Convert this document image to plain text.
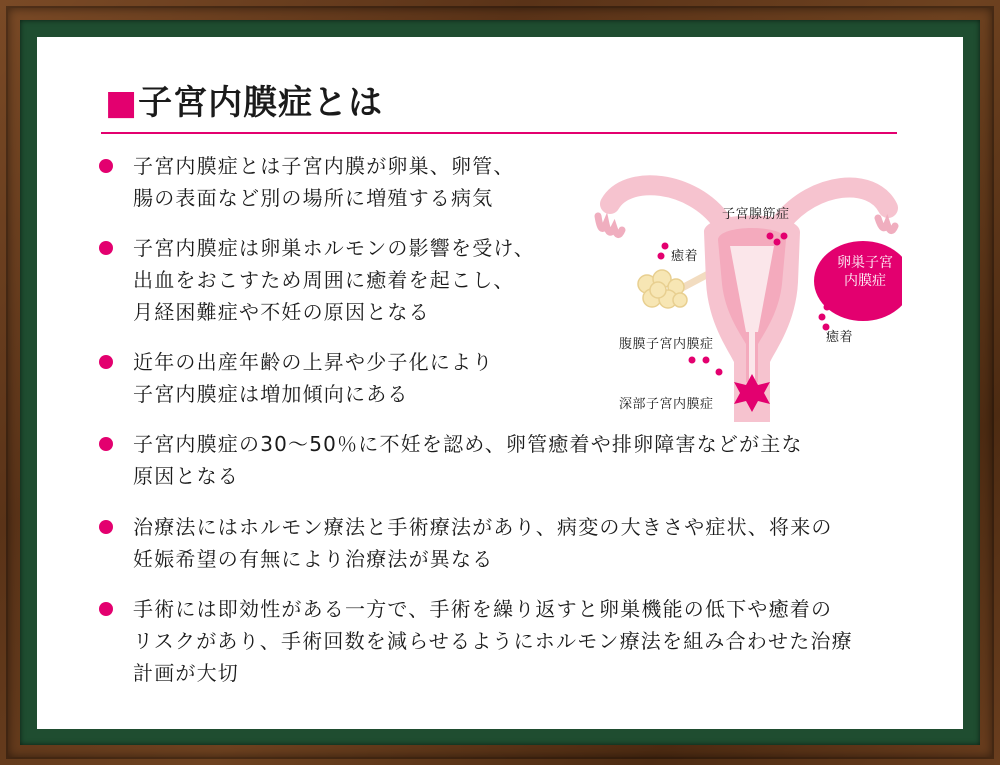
■子宮内膜症とは
子宮内膜症とは子宮内膜が卵巣、卵管、
腸の表面など別の場所に増殖する病気
子宮内膜症は卵巣ホルモンの影響を受け、
出血をおこすため周囲に癒着を起こし、
月経困難症や不妊の原因となる
近年の出産年齢の上昇や少子化により
子宮内膜症は増加傾向にある
子宮内膜症の30〜50％に不妊を認め、卵管癒着や排卵障害などが主な
原因となる
治療法にはホルモン療法と手術療法があり、病変の大きさや症状、将来の
妊娠希望の有無により治療法が異なる
手術には即効性がある一方で、手術を繰り返すと卵巣機能の低下や癒着の
リスクがあり、手術回数を減らせるようにホルモン療法を組み合わせた治療
計画が大切
子宮腺筋症
癒着
癒着
卵巣子宮
内膜症
腹膜子宮内膜症
深部子宮内膜症
